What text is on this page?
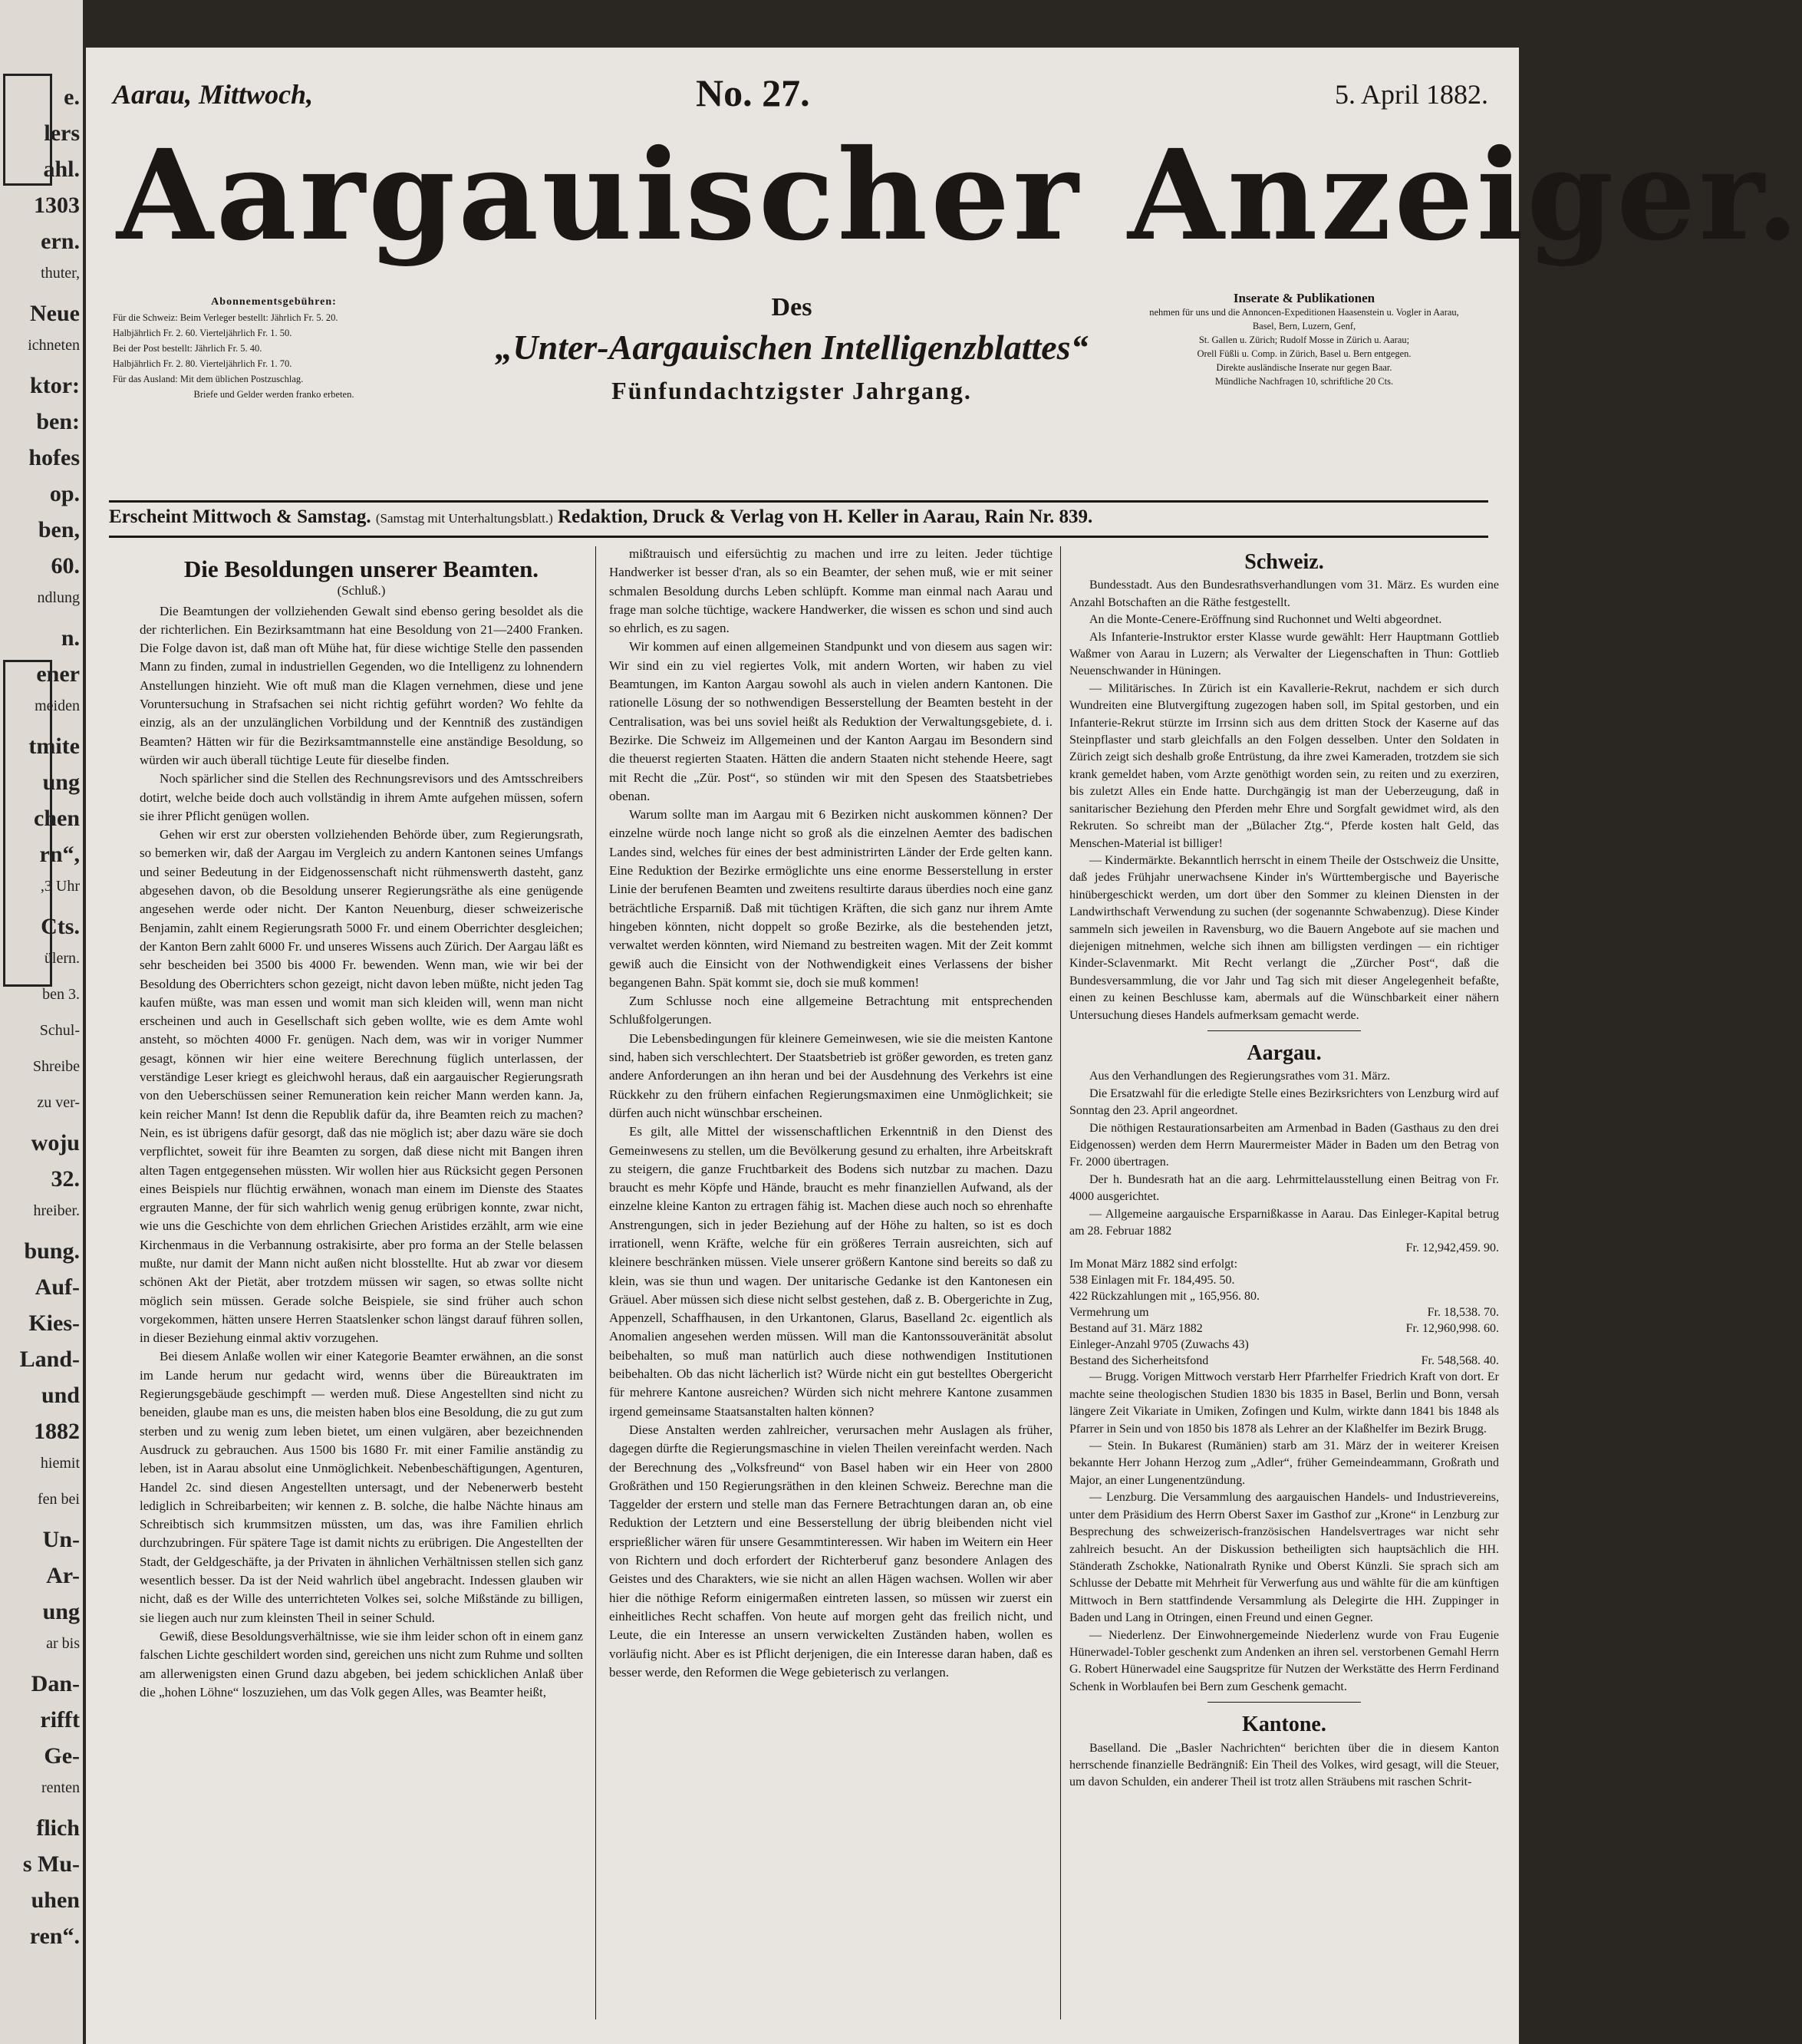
e.
lers
ahl.
1303
ern.
thuter,
Neue
ichneten
ktor:
ben:
hofes
op.
ben,
60.
ndlung
n.
ener
meiden
tmite
ung
chen
rn“,
,3 Uhr
Cts.
ülern.
ben 3.
Schul-
Shreibe
zu ver-
woju
32.
hreiber.
bung.
Auf-
Kies-
Land-
und
1882
hiemit
fen bei
Un-
Ar-
ung
ar bis
Dan-
rifft
Ge-
renten
flich
s Mu-
uhen
ren“.
Aarau, Mittwoch,	No. 27.	5. April 1882.
Aargauischer Anzeiger.
Abonnementsgebühren:
Für die Schweiz: Beim Verleger bestellt: Jährlich Fr. 5. 20.
Halbjährlich Fr. 2. 60. Vierteljährlich Fr. 1. 50.
Bei der Post bestellt: Jährlich Fr. 5. 40.
Halbjährlich Fr. 2. 80. Vierteljährlich Fr. 1. 70.
Für das Ausland: Mit dem üblichen Postzuschlag.
Briefe und Gelder werden franko erbeten.
Des
„Unter-Aargauischen Intelligenzblattes“
Fünfundachtzigster Jahrgang.
Inserate & Publikationen
nehmen für uns und die Annoncen-Expeditionen Haasenstein u. Vogler in Aarau, Basel, Bern, Luzern, Genf,
St. Gallen u. Zürich; Rudolf Mosse in Zürich u. Aarau;
Orell Füßli u. Comp. in Zürich, Basel u. Bern entgegen.
Direkte ausländische Inserate nur gegen Baar.
Mündliche Nachfragen 10, schriftliche 20 Cts.
Erscheint Mittwoch & Samstag. (Samstag mit Unterhaltungsblatt.) Redaktion, Druck & Verlag von H. Keller in Aarau, Rain Nr. 839.
Die Besoldungen unserer Beamten.
(Schluß.)

Die Beamtungen der vollziehenden Gewalt sind ebenso gering besoldet als die der richterlichen. Ein Bezirksamtmann hat eine Besoldung von 21—2400 Franken. Die Folge davon ist, daß man oft Mühe hat, für diese wichtige Stelle den passenden Mann zu finden, zumal in industriellen Gegenden, wo die Intelligenz zu lohnendern Anstellungen hinzieht. Wie oft muß man die Klagen vernehmen, diese und jene Voruntersuchung in Strafsachen sei nicht richtig geführt worden? Wo fehlte da einzig, als an der unzulänglichen Vorbildung und der Kenntniß des zuständigen Beamten? Hätten wir für die Bezirksamtmannstelle eine anständige Besoldung, so würden wir auch überall tüchtige Leute für dieselbe finden.

Noch spärlicher sind die Stellen des Rechnungsrevisors und des Amtsschreibers dotirt, welche beide doch auch vollständig in ihrem Amte aufgehen müssen, sofern sie ihrer Pflicht genügen wollen.

Gehen wir erst zur obersten vollziehenden Behörde über, zum Regierungsrath, so bemerken wir, daß der Aargau im Vergleich zu andern Kantonen seines Umfangs und seiner Bedeutung in der Eidgenossenschaft nicht rühmenswerth dasteht, ganz abgesehen davon, ob die Besoldung unserer Regierungsräthe als eine genügende angesehen werde oder nicht. Der Kanton Neuenburg, dieser schweizerische Benjamin, zahlt einem Regierungsrath 5000 Fr. und einem Oberrichter desgleichen; der Kanton Bern zahlt 6000 Fr. und unseres Wissens auch Zürich. Der Aargau läßt es sehr bescheiden bei 3500 bis 4000 Fr. bewenden. Wenn man, wie wir bei der Besoldung des Oberrichters schon gezeigt, nicht davon leben müßte, nicht jeden Tag kaufen müßte, was man essen und womit man sich kleiden will, wenn man nicht erscheinen und auch in Gesellschaft sich geben wollte, wie es dem Amte wohl ansteht, so möchten 4000 Fr. genügen. Nach dem, was wir in voriger Nummer gesagt, können wir hier eine weitere Berechnung füglich unterlassen, der verständige Leser kriegt es gleichwohl heraus, daß ein aargauischer Regierungsrath von den Ueberschüssen seiner Remuneration kein reicher Mann werden kann. Ja, kein reicher Mann! Ist denn die Republik dafür da, ihre Beamten reich zu machen? Nein, es ist übrigens dafür gesorgt, daß das nie möglich ist; aber dazu wäre sie doch verpflichtet, soweit für ihre Beamten zu sorgen, daß diese nicht mit Bangen ihren alten Tagen entgegensehen müssten. Wir wollen hier aus Rücksicht gegen Personen eines Beispiels nur flüchtig erwähnen, wonach man einem im Dienste des Staates ergrauten Manne, der für sich wahrlich wenig genug erübrigen konnte, zwar nicht, wie uns die Geschichte von dem ehrlichen Griechen Aristides erzählt, arm wie eine Kirchenmaus in die Verbannung ostrakisirte, aber pro forma an der Stelle belassen mußte, nur damit der Mann nicht außen nicht blosstellte. Hut ab zwar vor diesem schönen Akt der Pietät, aber trotzdem müssen wir sagen, so etwas sollte nicht möglich sein müssen. Gerade solche Beispiele, sie sind früher auch schon vorgekommen, hätten unsere Herren Staatslenker schon längst darauf führen sollen, in dieser Beziehung einmal aktiv vorzugehen.

Bei diesem Anlaße wollen wir einer Kategorie Beamter erwähnen, an die sonst im Lande herum nur gedacht wird, wenns über die Büreauktraten im Regierungsgebäude geschimpft — werden muß. Diese Angestellten sind nicht zu beneiden, glaube man es uns, die meisten haben blos eine Besoldung, die zu gut zum sterben und zu wenig zum leben bietet, um einen vulgären, aber bezeichnenden Ausdruck zu gebrauchen. Aus 1500 bis 1680 Fr. mit einer Familie anständig zu leben, ist in Aarau absolut eine Unmöglichkeit. Nebenbeschäftigungen, Agenturen, Handel 2c. sind diesen Angestellten untersagt, und der Nebenerwerb besteht lediglich in Schreibarbeiten; wir kennen z. B. solche, die halbe Nächte hinaus am Schreibtisch sich krummsitzen müssten, um das, was ihre Familien ehrlich durchzubringen. Für spätere Tage ist damit nichts zu erübrigen. Die Angestellten der Stadt, der Geldgeschäfte, ja der Privaten in ähnlichen Verhältnissen stellen sich ganz wesentlich besser. Da ist der Neid wahrlich übel angebracht. Indessen glauben wir nicht, daß es der Wille des unterrichteten Volkes sei, solche Mißstände zu billigen, sie liegen auch nur zum kleinsten Theil in seiner Schuld.

Gewiß, diese Besoldungsverhältnisse, wie sie ihm leider schon oft in einem ganz falschen Lichte geschildert worden sind, gereichen uns nicht zum Ruhme und sollten am allerwenigsten einen Grund dazu abgeben, bei jedem schicklichen Anlaß über die „hohen Löhne“ loszuziehen, um das Volk gegen Alles, was Beamter heißt,

mißtrauisch und eifersüchtig zu machen und irre zu leiten. Jeder tüchtige Handwerker ist besser d'ran, als so ein Beamter, der sehen muß, wie er mit seiner schmalen Besoldung durchs Leben schlüpft. Komme man einmal nach Aarau und frage man solche tüchtige, wackere Handwerker, die wissen es schon und sind auch so ehrlich, es zu sagen.

Wir kommen auf einen allgemeinen Standpunkt und von diesem aus sagen wir: Wir sind ein zu viel regiertes Volk, mit andern Worten, wir haben zu viel Beamtungen, im Kanton Aargau sowohl als auch in vielen andern Kantonen. Die rationelle Lösung der so nothwendigen Besserstellung der Beamten besteht in der Centralisation, was bei uns soviel heißt als Reduktion der Verwaltungsgebiete, d. i. Bezirke. Die Schweiz im Allgemeinen und der Kanton Aargau im Besondern sind die theuerst regierten Staaten. Hätten die andern Staaten nicht stehende Heere, sagt mit Recht die „Zür. Post“, so stünden wir mit den Spesen des Staatsbetriebes obenan.

Warum sollte man im Aargau mit 6 Bezirken nicht auskommen können? Der einzelne würde noch lange nicht so groß als die einzelnen Aemter des badischen Landes sind, welches für eines der best administrirten Länder der Erde gelten kann. Eine Reduktion der Bezirke ermöglichte uns eine enorme Besserstellung in erster Linie der berufenen Beamten und zweitens resultirte daraus überdies noch eine ganz beträchtliche Ersparniß. Daß mit tüchtigen Kräften, die sich ganz nur ihrem Amte hingeben könnten, nicht doppelt so große Bezirke, als die bestehenden jetzt, verwaltet werden könnten, wird Niemand zu bestreiten wagen. Mit der Zeit kommt gewiß auch die Einsicht von der Nothwendigkeit eines Verlassens der bisher begangenen Bahn. Spät kommt sie, doch sie muß kommen!

Zum Schlusse noch eine allgemeine Betrachtung mit entsprechenden Schlußfolgerungen.

Die Lebensbedingungen für kleinere Gemeinwesen, wie sie die meisten Kantone sind, haben sich verschlechtert. Der Staatsbetrieb ist größer geworden, es treten ganz andere Anforderungen an ihn heran und bei der Ausdehnung des Verkehrs ist eine Rückkehr zu den frühern einfachen Regierungsmaximen eine Unmöglichkeit; sie dürfen auch nicht wünschbar erscheinen.

Es gilt, alle Mittel der wissenschaftlichen Erkenntniß in den Dienst des Gemeinwesens zu stellen, um die Bevölkerung gesund zu erhalten, ihre Arbeitskraft zu steigern, die ganze Fruchtbarkeit des Bodens sich nutzbar zu machen. Dazu braucht es mehr Köpfe und Hände, braucht es mehr finanziellen Aufwand, als der einzelne kleine Kanton zu ertragen fähig ist. Machen diese auch noch so ehrenhafte Anstrengungen, sich in jeder Beziehung auf der Höhe zu halten, so ist es doch irrationell, wenn Kräfte, welche für ein größeres Terrain ausreichten, sich auf kleinere beschränken müssen. Viele unserer größern Kantone sind bereits so daß zu klein, was sie thun und wagen. Der unitarische Gedanke ist den Kantonesen ein Gräuel. Aber müssen sich diese nicht selbst gestehen, daß z. B. Obergerichte in Zug, Appenzell, Schaffhausen, in den Urkantonen, Glarus, Baselland 2c. eigentlich als Anomalien angesehen werden müssen. Will man die Kantonssouveränität absolut beibehalten, so muß man natürlich auch diese nothwendigen Institutionen beibehalten. Ob das nicht lächerlich ist? Würde nicht ein gut bestelltes Obergericht für mehrere Kantone ausreichen? Würden sich nicht mehrere Kantone zusammen irgend gemeinsame Staatsanstalten halten können?

Diese Anstalten werden zahlreicher, verursachen mehr Auslagen als früher, dagegen dürfte die Regierungsmaschine in vielen Theilen vereinfacht werden. Nach der Berechnung des „Volksfreund“ von Basel haben wir ein Heer von 2800 Großräthen und 150 Regierungsräthen in den kleinen Schweiz. Berechne man die Taggelder der erstern und stelle man das Fernere Betrachtungen daran an, ob eine Reduktion der Letztern und eine Besserstellung der übrig bleibenden nicht viel ersprießlicher wären für unsere Gesammtinteressen. Wir haben im Weitern ein Heer von Richtern und doch erfordert der Richterberuf ganz besondere Anlagen des Geistes und des Charakters, wie sie nicht an allen Hägen wachsen. Wollen wir aber hier die nöthige Reform einigermaßen eintreten lassen, so müssen wir zuerst ein einheitliches Recht schaffen. Von heute auf morgen geht das freilich nicht, und Leute, die ein Interesse an unsern verwickelten Zuständen haben, wollen es vorläufig nicht. Aber es ist Pflicht derjenigen, die ein Interesse daran haben, daß es besser werde, den Reformen die Wege gebieterisch zu verlangen.

Schweiz.

Bundesstadt. Aus den Bundesrathsverhandlungen vom 31. März. Es wurden eine Anzahl Botschaften an die Räthe festgestellt.

An die Monte-Cenere-Eröffnung sind Ruchonnet und Welti abgeordnet.

Als Infanterie-Instruktor erster Klasse wurde gewählt: Herr Hauptmann Gottlieb Waßmer von Aarau in Luzern; als Verwalter der Liegenschaften in Thun: Gottlieb Neuenschwander in Hüningen.

— Militärisches. In Zürich ist ein Kavallerie-Rekrut, nachdem er sich durch Wundreiten eine Blutvergiftung zugezogen haben soll, im Spital gestorben, und ein Infanterie-Rekrut stürzte im Irrsinn sich aus dem dritten Stock der Kaserne auf das Steinpflaster und starb gleichfalls an den Folgen desselben. Unter den Soldaten in Zürich zeigt sich deshalb große Entrüstung, da ihre zwei Kameraden, trotzdem sie sich krank gemeldet haben, vom Arzte genöthigt worden sein, zu reiten und zu exerziren, bis zuletzt Alles ein Ende hatte. Durchgängig ist man der Ueberzeugung, daß in sanitarischer Beziehung den Pferden mehr Ehre und Sorgfalt gewidmet wird, als den Rekruten. So schreibt man der „Bülacher Ztg.“, Pferde kosten halt Geld, das Menschen-Material ist billiger!

— Kindermärkte. Bekanntlich herrscht in einem Theile der Ostschweiz die Unsitte, daß jedes Frühjahr unerwachsene Kinder in's Württembergische und Bayerische hinübergeschickt werden, um dort über den Sommer zu kleinen Diensten in der Landwirthschaft Verwendung zu suchen (der sogenannte Schwabenzug). Diese Kinder sammeln sich jeweilen in Ravensburg, wo die Bauern Angebote auf sie machen und diejenigen mitnehmen, welche sich ihnen am billigsten verdingen — ein richtiger Kinder-Sclavenmarkt. Mit Recht verlangt die „Zürcher Post“, daß die Bundesversammlung, die vor Jahr und Tag sich mit dieser Angelegenheit befaßte, einen zu keinen Beschlusse kam, abermals auf die Wünschbarkeit einer nähern Untersuchung dieses Handels aufmerksam gemacht werde.

Aargau.

Aus den Verhandlungen des Regierungsrathes vom 31. März.

Die Ersatzwahl für die erledigte Stelle eines Bezirksrichters von Lenzburg wird auf Sonntag den 23. April angeordnet.

Die nöthigen Restaurationsarbeiten am Armenbad in Baden (Gasthaus zu den drei Eidgenossen) werden dem Herrn Maurermeister Mäder in Baden um den Betrag von Fr. 2000 übertragen.

Der h. Bundesrath hat an die aarg. Lehrmittelausstellung einen Beitrag von Fr. 4000 ausgerichtet.

— Allgemeine aargauische Ersparnißkasse in Aarau. Das Einleger-Kapital betrug am 28. Februar 1882

Fr. 12,942,459. 90.
Im Monat März 1882 sind erfolgt:
538 Einlagen mit Fr. 184,495. 50.
422 Rückzahlungen mit „ 165,956. 80.
Vermehrung um	Fr. 18,538. 70.
Bestand auf 31. März 1882	Fr. 12,960,998. 60.
Einleger-Anzahl 9705 (Zuwachs 43)
Bestand des Sicherheitsfond	Fr. 548,568. 40.

— Brugg. Vorigen Mittwoch verstarb Herr Pfarrhelfer Friedrich Kraft von dort. Er machte seine theologischen Studien 1830 bis 1835 in Basel, Berlin und Bonn, versah längere Zeit Vikariate in Umiken, Zofingen und Kulm, wirkte dann 1841 bis 1848 als Pfarrer in Sein und von 1850 bis 1878 als Lehrer an der Klaßhelfer im Bezirk Brugg.

— Stein. In Bukarest (Rumänien) starb am 31. März der in weiterer Kreisen bekannte Herr Johann Herzog zum „Adler“, früher Gemeindeammann, Großrath und Major, an einer Lungenentzündung.

— Lenzburg. Die Versammlung des aargauischen Handels- und Industrievereins, unter dem Präsidium des Herrn Oberst Saxer im Gasthof zur „Krone“ in Lenzburg zur Besprechung des schweizerisch-französischen Handelsvertrages war nicht sehr zahlreich besucht. An der Diskussion betheiligten sich hauptsächlich die HH. Ständerath Zschokke, Nationalrath Rynike und Oberst Künzli. Sie sprach sich am Schlusse der Debatte mit Mehrheit für Verwerfung aus und wählte für die am künftigen Mittwoch in Bern stattfindende Versammlung als Delegirte die HH. Zuppinger in Baden und Lang in Otringen, einen Freund und einen Gegner.

— Niederlenz. Der Einwohnergemeinde Niederlenz wurde von Frau Eugenie Hünerwadel-Tobler geschenkt zum Andenken an ihren sel. verstorbenen Gemahl Herrn G. Robert Hünerwadel eine Saugspritze für Nutzen der Werkstätte des Herrn Ferdinand Schenk in Worblaufen bei Bern zum Geschenk gemacht.

Kantone.

Baselland. Die „Basler Nachrichten“ berichten über die in diesem Kanton herrschende finanzielle Bedrängniß: Ein Theil des Volkes, wird gesagt, will die Steuer, um davon Schulden, ein anderer Theil ist trotz allen Sträubens mit raschen Schrit-
